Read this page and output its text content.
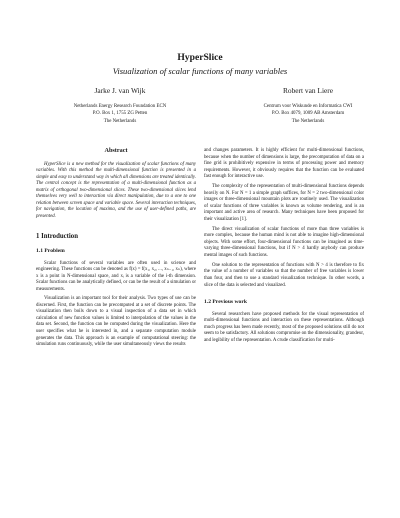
HyperSlice
Visualization of scalar functions of many variables
Jarke J. van Wijk
Netherlands Energy Research Foundation ECN
P.O. Box 1, 1755 ZG Petten
The Netherlands
Robert van Liere
Centrum voor Wiskunde en Informatica CWI
P.O. Box 4079, 1009 AB Amsterdam
The Netherlands
Abstract

HyperSlice is a new method for the visualization of scalar functions of many variables. With this method the multi-dimensional function is presented in a simple and easy to understand way in which all dimensions are treated identically. The central concept is the representation of a multi-dimensional function as a matrix of orthogonal two-dimensional slices. These two-dimensional slices lend themselves very well to interaction via direct manipulation, due to a one to one relation between screen space and variable space. Several interaction techniques, for navigation, the location of maxima, and the use of user-defined paths, are presented.

1 Introduction
1.1 Problem

Scalar functions of several variables are often used in science and engineering. These functions can be denoted as f(x) = f(x₁, x₂, ..., xₙ₋₁, xₙ), where x is a point in N-dimensional space, and xᵢ is a variable of the i-th dimension. Scalar functions can be analytically defined, or can be the result of a simulation or measurements.

Visualization is an important tool for their analysis. Two types of use can be discerned. First, the function can be precomputed at a set of discrete points. The visualization then boils down to a visual inspection of a data set in which calculation of new function values is limited to interpolation of the values in the data set. Second, the function can be computed during the visualization. Here the user specifies what he is interested in, and a separate computation module generates the data. This approach is an example of computational steering: the simulation runs continuously, while the user simultaneously views the results

and changes parameters. It is highly efficient for multi-dimensional functions, because when the number of dimensions is large, the precomputation of data on a fine grid is prohibitively expensive in terms of processing power and memory requirements. However, it obviously requires that the function can be evaluated fast enough for interactive use.

The complexity of the representation of multi-dimensional functions depends heavily on N. For N = 1 a simple graph suffices, for N = 2 two-dimensional color images or three-dimensional mountain plots are routinely used. The visualization of scalar functions of three variables is known as volume rendering, and is an important and active area of research. Many techniques have been proposed for their visualization [1].

The direct visualization of scalar functions of more than three variables is more complex, because the human mind is not able to imagine high-dimensional objects. With some effort, four-dimensional functions can be imagined as time-varying three-dimensional functions, but if N > 4 hardly anybody can produce mental images of such functions.

One solution to the representation of functions with N > 4 is therefore to fix the value of a number of variables so that the number of free variables is lower than four, and then to use a standard visualization technique. In other words, a slice of the data is selected and visualized.

1.2 Previous work

Several researchers have proposed methods for the visual representation of multi-dimensional functions and interaction on these representations. Although much progress has been made recently, most of the proposed solutions still do not seem to be satisfactory. All solutions compromise on the dimensionality, grandeur, and legibility of the representation. A crude classification for multi-
